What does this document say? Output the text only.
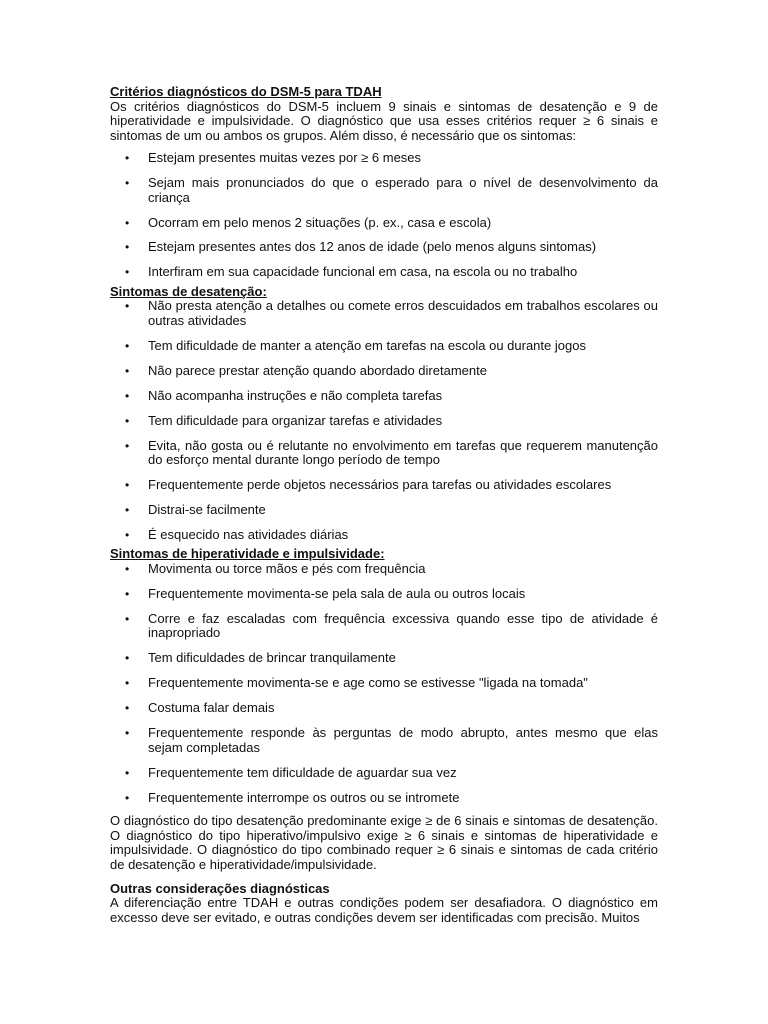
Critérios diagnósticos do DSM-5 para TDAH

Os critérios diagnósticos do DSM-5 incluem 9 sinais e sintomas de desatenção e 9 de hiperatividade e impulsividade. O diagnóstico que usa esses critérios requer ≥ 6 sinais e sintomas de um ou ambos os grupos. Além disso, é necessário que os sintomas:

• Estejam presentes muitas vezes por ≥ 6 meses
• Sejam mais pronunciados do que o esperado para o nível de desenvolvimento da criança
• Ocorram em pelo menos 2 situações (p. ex., casa e escola)
• Estejam presentes antes dos 12 anos de idade (pelo menos alguns sintomas)
• Interfiram em sua capacidade funcional em casa, na escola ou no trabalho
Sintomas de desatenção:
• Não presta atenção a detalhes ou comete erros descuidados em trabalhos escolares ou outras atividades
• Tem dificuldade de manter a atenção em tarefas na escola ou durante jogos
• Não parece prestar atenção quando abordado diretamente
• Não acompanha instruções e não completa tarefas
• Tem dificuldade para organizar tarefas e atividades
• Evita, não gosta ou é relutante no envolvimento em tarefas que requerem manutenção do esforço mental durante longo período de tempo
• Frequentemente perde objetos necessários para tarefas ou atividades escolares
• Distrai-se facilmente
• É esquecido nas atividades diárias
Sintomas de hiperatividade e impulsividade:
• Movimenta ou torce mãos e pés com frequência
• Frequentemente movimenta-se pela sala de aula ou outros locais
• Corre e faz escaladas com frequência excessiva quando esse tipo de atividade é inapropriado
• Tem dificuldades de brincar tranquilamente
• Frequentemente movimenta-se e age como se estivesse "ligada na tomada"
• Costuma falar demais
• Frequentemente responde às perguntas de modo abrupto, antes mesmo que elas sejam completadas
• Frequentemente tem dificuldade de aguardar sua vez
• Frequentemente interrompe os outros ou se intromete

O diagnóstico do tipo desatenção predominante exige ≥ de 6 sinais e sintomas de desatenção. O diagnóstico do tipo hiperativo/impulsivo exige ≥ 6 sinais e sintomas de hiperatividade e impulsividade. O diagnóstico do tipo combinado requer ≥ 6 sinais e sintomas de cada critério de desatenção e hiperatividade/impulsividade.

Outras considerações diagnósticas

A diferenciação entre TDAH e outras condições podem ser desafiadora. O diagnóstico em excesso deve ser evitado, e outras condições devem ser identificadas com precisão. Muitos
